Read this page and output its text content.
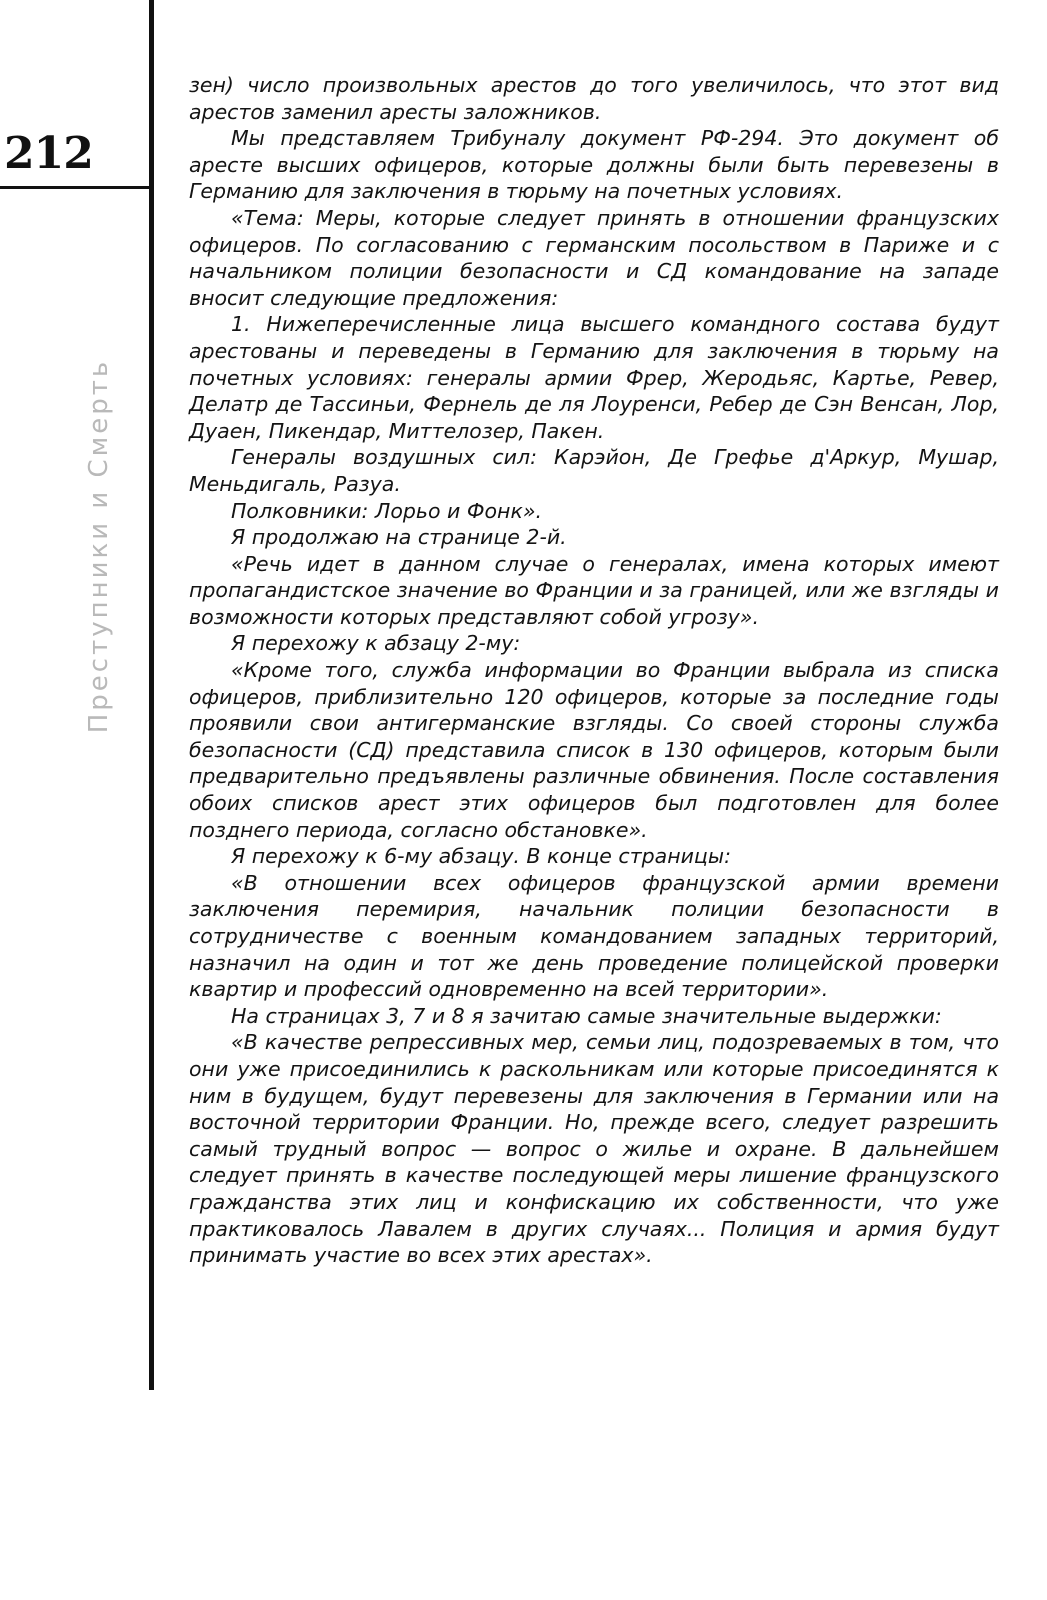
212
Преступники и Смерть

зен) число произвольных арестов до того увеличилось, что этот вид арестов заменил аресты заложников.

Мы представляем Трибуналу документ РФ-294. Это документ об аресте высших офицеров, которые должны были быть перевезены в Германию для заключения в тюрьму на почетных условиях.

«Тема: Меры, которые следует принять в отношении французских офицеров. По согласованию с германским посольством в Париже и с начальником полиции безопасности и СД командование на западе вносит следующие предложения:

1. Нижеперечисленные лица высшего командного состава будут арестованы и переведены в Германию для заключения в тюрьму на почетных условиях: генералы армии Фрер, Жеродьяс, Картье, Ревер, Делатр де Тассиньи, Фернель де ля Лоуренси, Ребер де Сэн Венсан, Лор, Дуаен, Пикендар, Миттелозер, Пакен.

Генералы воздушных сил: Карэйон, Де Грефье д'Аркур, Мушар, Меньдигаль, Разуа.

Полковники: Лорьо и Фонк».

Я продолжаю на странице 2-й.

«Речь идет в данном случае о генералах, имена которых имеют пропагандистское значение во Франции и за границей, или же взгляды и возможности которых представляют собой угрозу».

Я перехожу к абзацу 2-му:

«Кроме того, служба информации во Франции выбрала из списка офицеров, приблизительно 120 офицеров, которые за последние годы проявили свои антигерманские взгляды. Со своей стороны служба безопасности (СД) представила список в 130 офицеров, которым были предварительно предъявлены различные обвинения. После составления обоих списков арест этих офицеров был подготовлен для более позднего периода, согласно обстановке».

Я перехожу к 6-му абзацу. В конце страницы:

«В отношении всех офицеров французской армии времени заключения перемирия, начальник полиции безопасности в сотрудничестве с военным командованием западных территорий, назначил на один и тот же день проведение полицейской проверки квартир и профессий одновременно на всей территории».

На страницах 3, 7 и 8 я зачитаю самые значительные выдержки:

«В качестве репрессивных мер, семьи лиц, подозреваемых в том, что они уже присоединились к раскольникам или которые присоединятся к ним в будущем, будут перевезены для заключения в Германии или на восточной территории Франции. Но, прежде всего, следует разрешить самый трудный вопрос — вопрос о жилье и охране. В дальнейшем следует принять в качестве последующей меры лишение французского гражданства этих лиц и конфискацию их собственности, что уже практиковалось Лавалем в других случаях... Полиция и армия будут принимать участие во всех этих арестах».
